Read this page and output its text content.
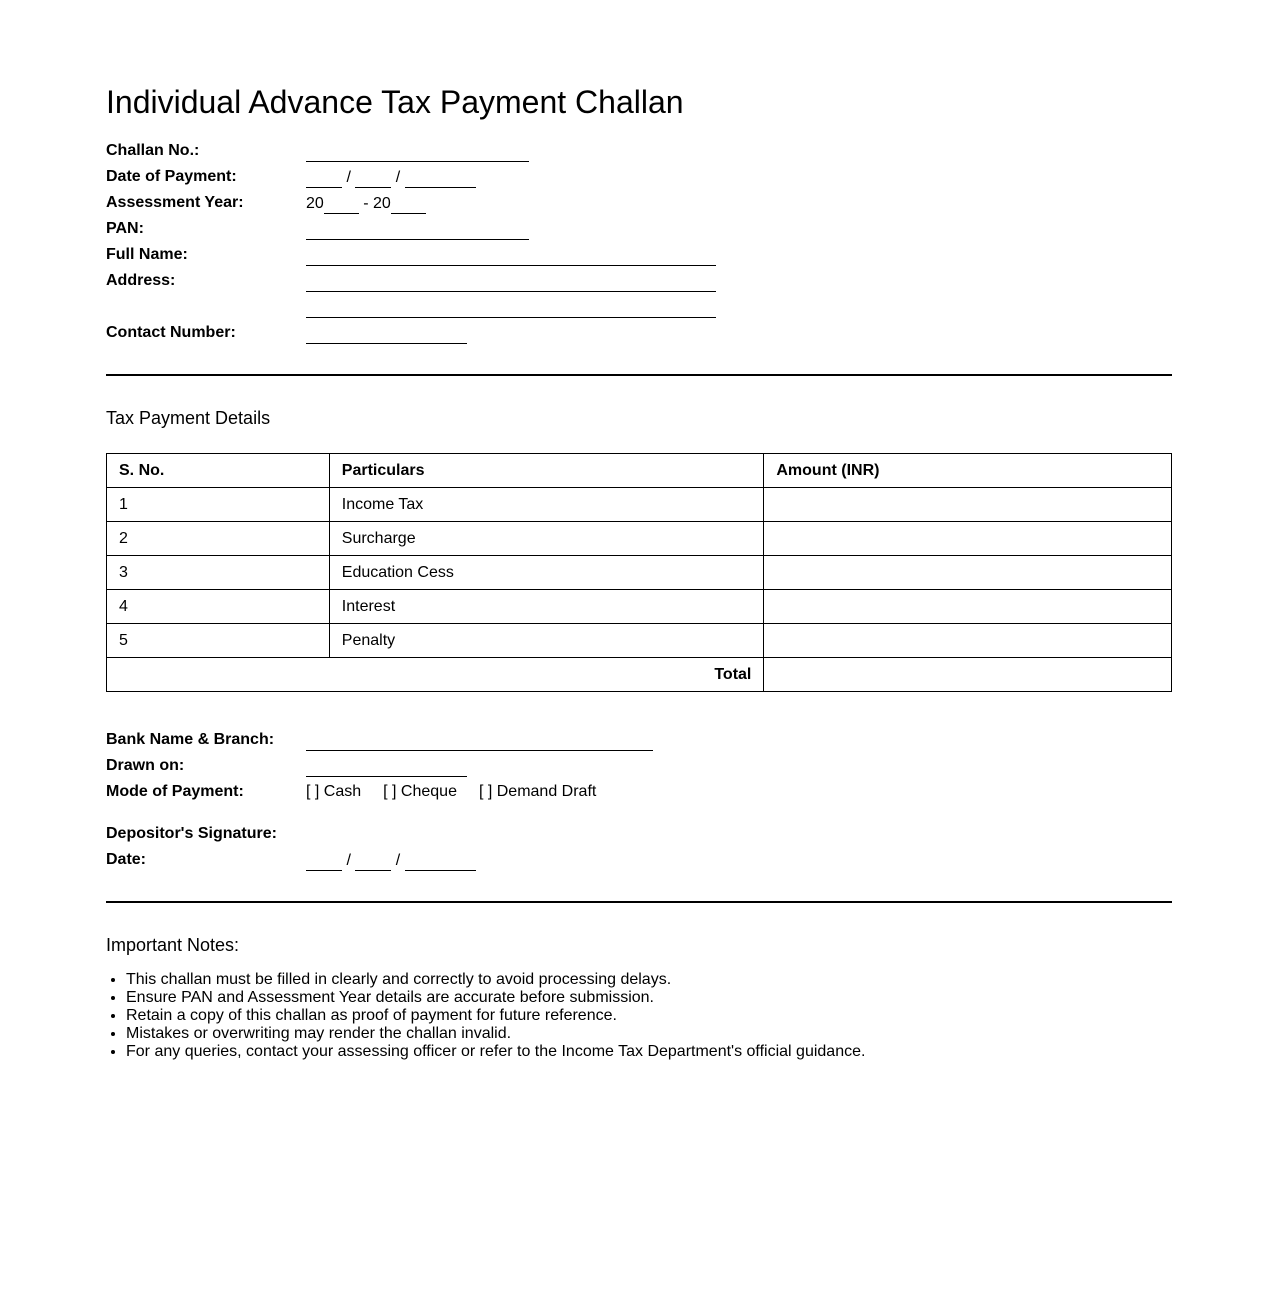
Individual Advance Tax Payment Challan
Challan No.:
Date of Payment:	/  /
Assessment Year:	20 - 20
PAN:
Full Name:
Address:
Contact Number:
Tax Payment Details
S. No.	Particulars	Amount (INR)
1	Income Tax	
2	Surcharge	
3	Education Cess	
4	Interest	
5	Penalty	
Total		
Bank Name & Branch:
Drawn on:
Mode of Payment:	[ ] Cash [ ] Cheque [ ] Demand Draft
Depositor's Signature:
Date:	/  /
Important Notes:
• This challan must be filled in clearly and correctly to avoid processing delays.
• Ensure PAN and Assessment Year details are accurate before submission.
• Retain a copy of this challan as proof of payment for future reference.
• Mistakes or overwriting may render the challan invalid.
• For any queries, contact your assessing officer or refer to the Income Tax Department's official guidance.
